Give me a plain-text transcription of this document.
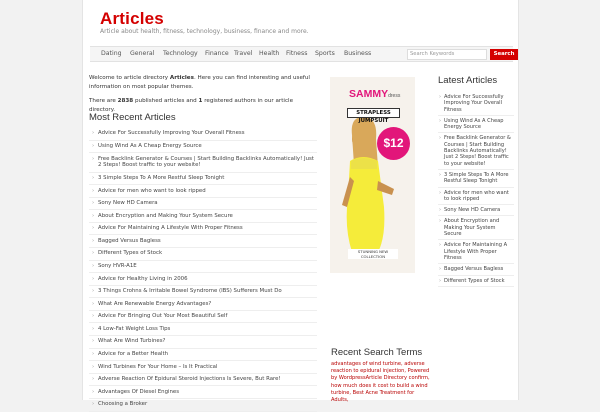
Articles
Article about health, fitness, technology, business, finance and more.
Dating	General	Technology	Finance Travel	Health	Fitness	Sports	Business	Search Keywords	Search
Welcome to article directory Articles. Here you can find interesting and useful information on most popular themes.
There are 2838 published articles and 1 registered authors in our article directory.
Most Recent Articles
› Advice For Successfully Improving Your Overall Fitness
› Using Wind As A Cheap Energy Source
› Free Backlink Generator & Courses | Start Building Backlinks Automatically! Just 2 Steps! Boost traffic to your website!
› 3 Simple Steps To A More Restful Sleep Tonight
› Advice for men who want to look ripped
› Sony New HD Camera
› About Encryption and Making Your System Secure
› Advice For Maintaining A Lifestyle With Proper Fitness
› Bagged Versus Bagless
› Different Types of Stock
› Sony HVR-A1E
› Advice for Healthy Living in 2006
› 3 Things Crohns & Irritable Bowel Syndrome (IBS) Sufferers Must Do
› What Are Renewable Energy Advantages?
› Advice For Bringing Out Your Most Beautiful Self
› 4 Low-Fat Weight Loss Tips
› What Are Wind Turbines?
› Advice for a Better Health
› Wind Turbines For Your Home – Is It Practical
› Adverse Reaction Of Epidural Steroid Injections Is Severe, But Rare!
› Advantages Of Diesel Engines
› Choosing a Broker
SAMMYdress
STRAPLESS JUMPSUIT
$12
STUNNING NEW COLLECTION
Latest Articles
› Advice For Successfully Improving Your Overall Fitness
› Using Wind As A Cheap Energy Source
› Free Backlink Generator & Courses | Start Building Backlinks Automatically! Just 2 Steps! Boost traffic to your website!
› 3 Simple Steps To A More Restful Sleep Tonight
› Advice for men who want to look ripped
› Sony New HD Camera
› About Encryption and Making Your System Secure
› Advice For Maintaining A Lifestyle With Proper Fitness
› Bagged Versus Bagless
› Different Types of Stock
Recent Search Terms
advantages of wind turbine, adverse reaction to epidural injection, Powered by WordpressArticle Directory confirm, how much does it cost to build a wind turbine, Best Acne Treatment for Adults,
